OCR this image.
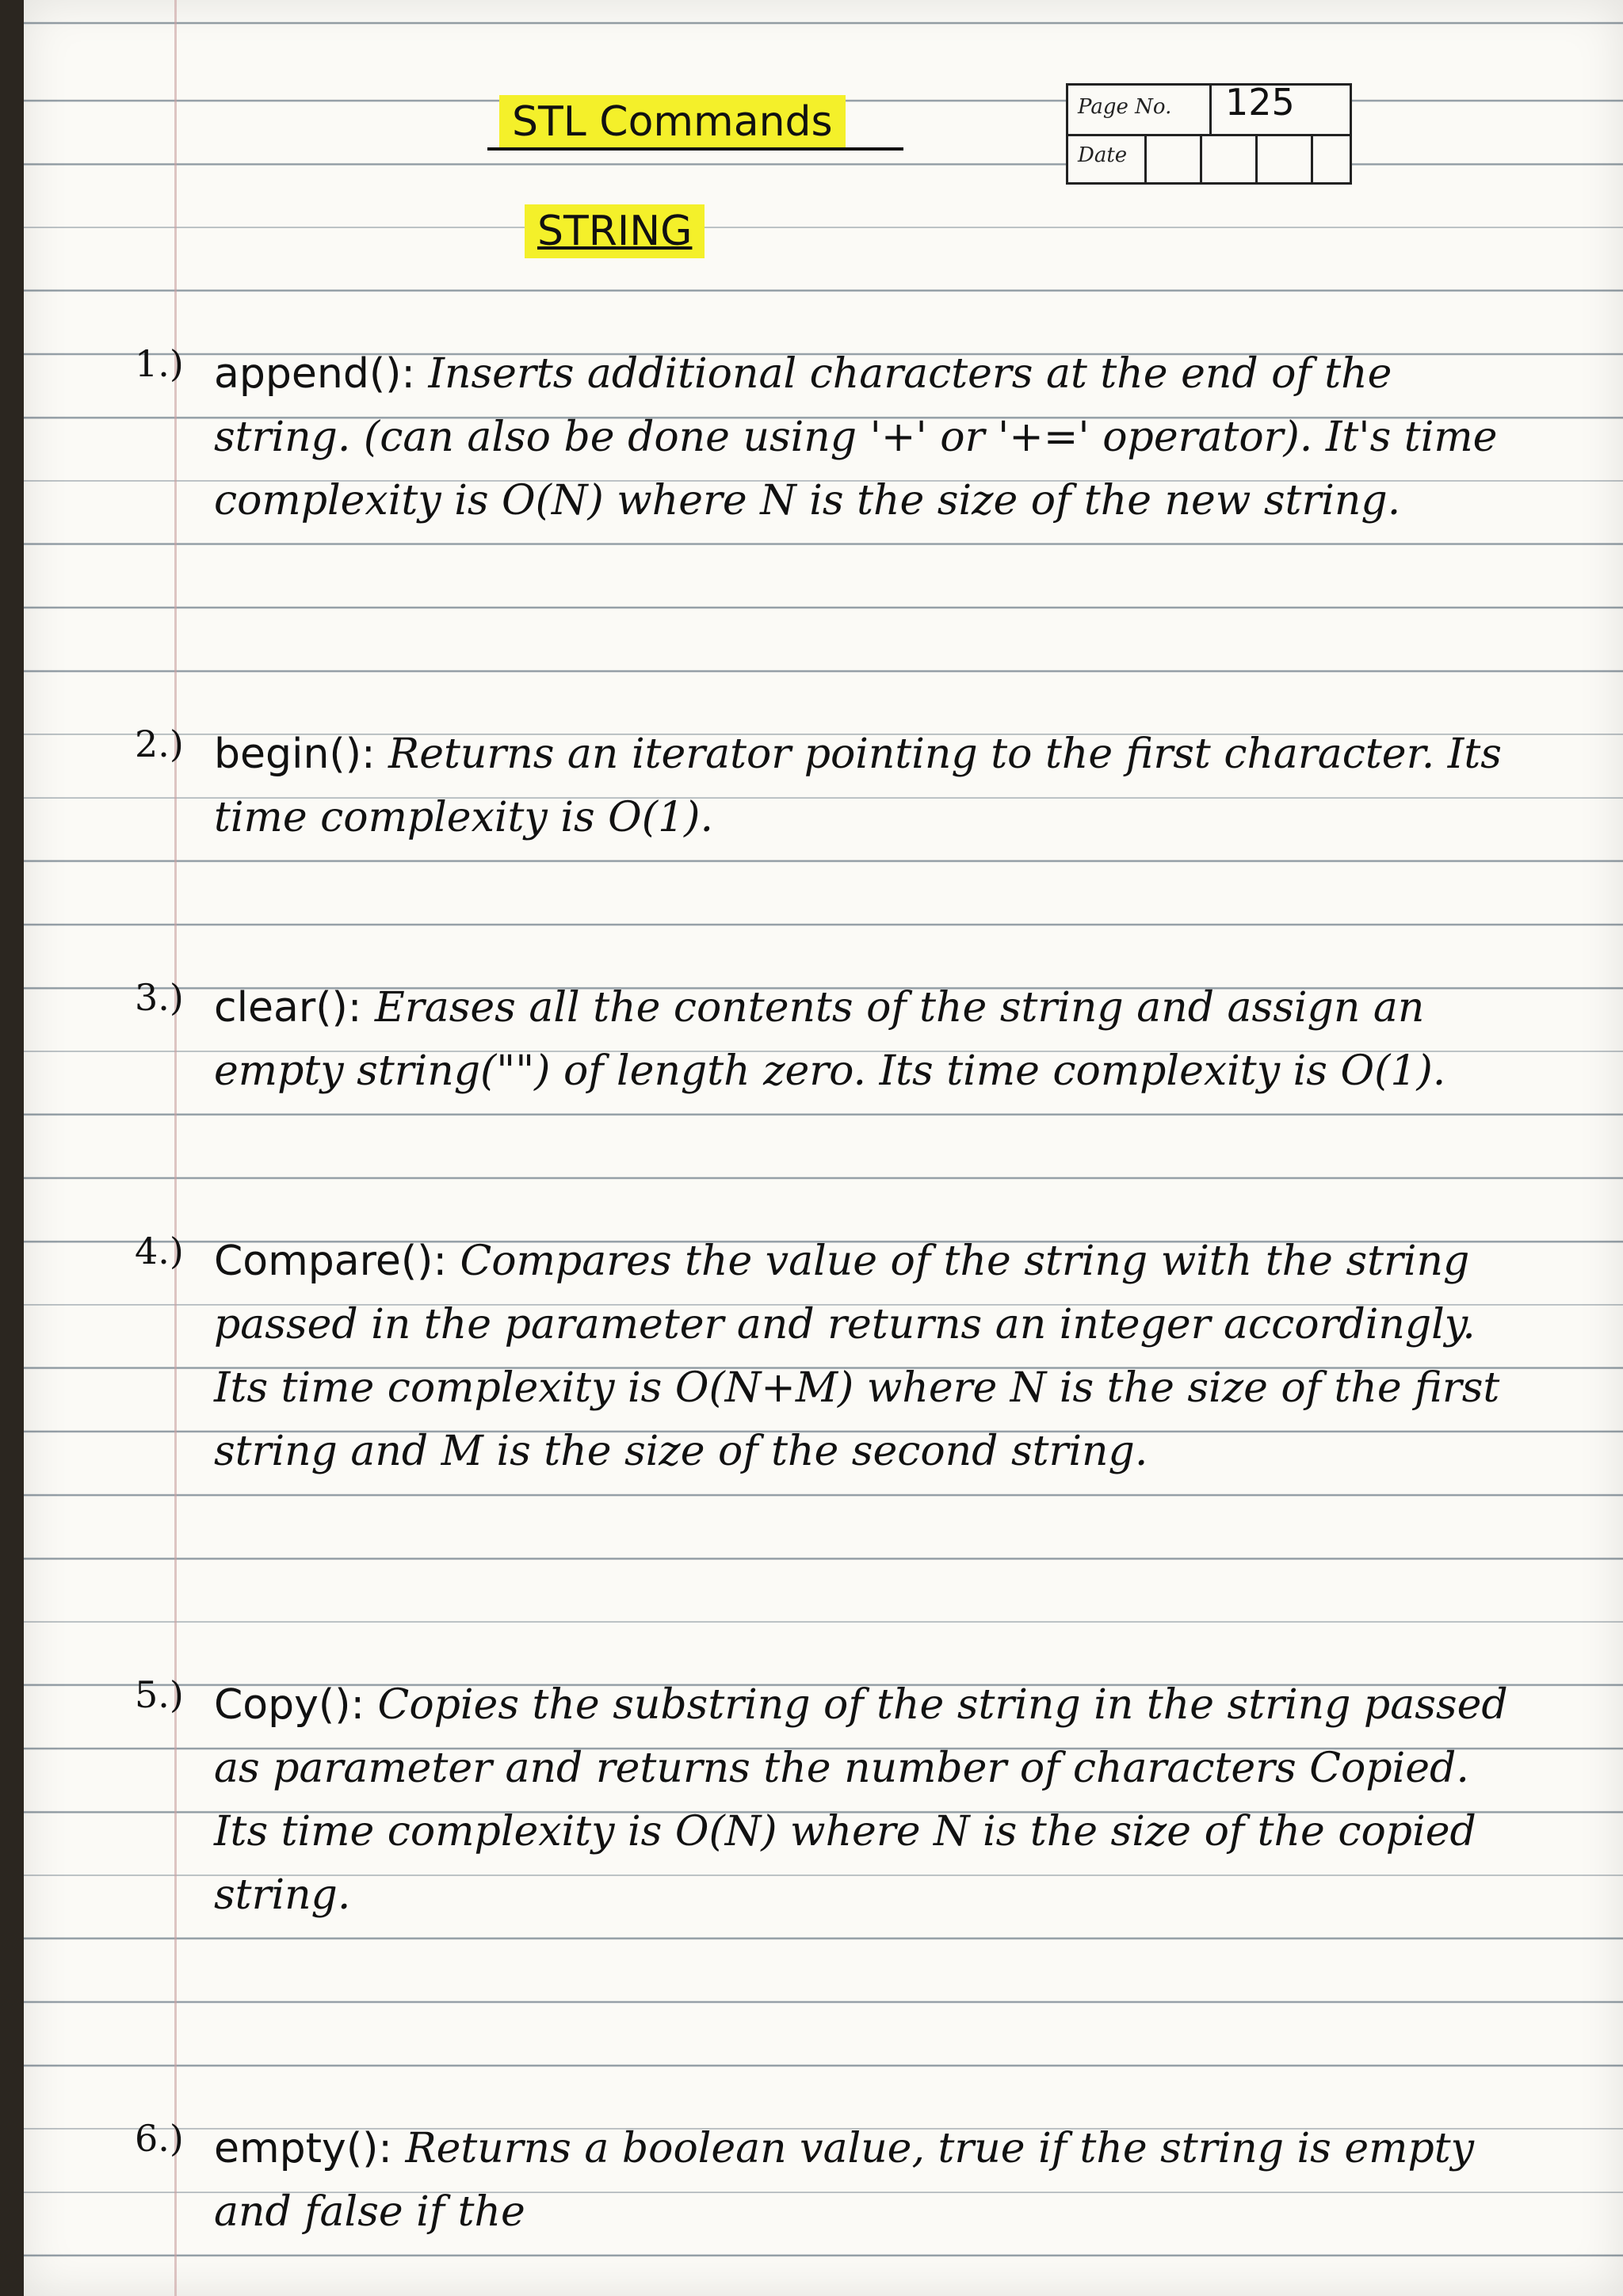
Page No. 125
Date
STL Commands
STRING
1.) append(): Inserts additional characters at the end of the string. (can also be done using '+' or '+=' operator). It's time complexity is O(N) where N is the size of the new string.
2.) begin(): Returns an iterator pointing to the first character. Its time complexity is O(1).
3.) clear(): Erases all the contents of the string and assign an empty string("") of length zero. Its time complexity is O(1).
4.) Compare(): Compares the value of the string with the string passed in the parameter and returns an integer accordingly. Its time complexity is O(N+M) where N is the size of the first string and M is the size of the second string.
5.) Copy(): Copies the substring of the string in the string passed as parameter and returns the number of characters Copied. Its time complexity is O(N) where N is the size of the copied string.
6.) empty(): Returns a boolean value, true if the string is empty and false if the
